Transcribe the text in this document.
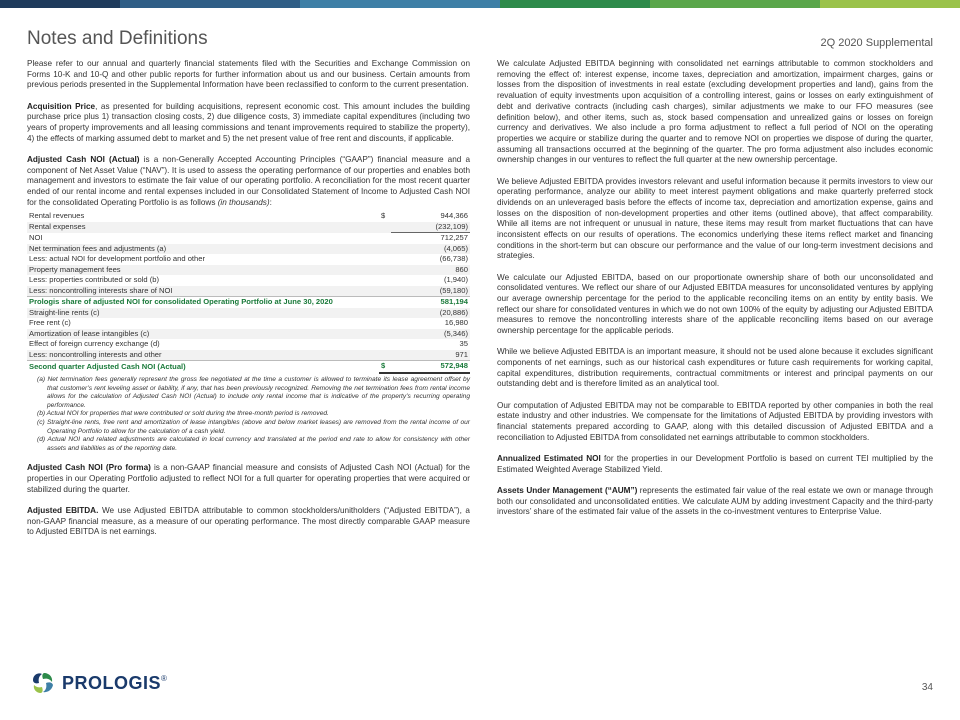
Notes and Definitions	2Q 2020 Supplemental

Please refer to our annual and quarterly financial statements filed with the Securities and Exchange Commission on Forms 10-K and 10-Q and other public reports for further information about us and our business. Certain amounts from previous periods presented in the Supplemental Information have been reclassified to conform to the current presentation.

Acquisition Price, as presented for building acquisitions, represent economic cost. This amount includes the building purchase price plus 1) transaction closing costs, 2) due diligence costs, 3) immediate capital expenditures (including two years of property improvements and all leasing commissions and tenant improvements required to stabilize the property), 4) the effects of marking assumed debt to market and 5) the net present value of free rent and discounts, if applicable.

Adjusted Cash NOI (Actual) is a non-Generally Accepted Accounting Principles (“GAAP”) financial measure and a component of Net Asset Value (“NAV”). It is used to assess the operating performance of our properties and enables both management and investors to estimate the fair value of our operating portfolio. A reconciliation for the most recent quarter ended of our rental income and rental expenses included in our Consolidated Statement of Income to Adjusted Cash NOI for the consolidated Operating Portfolio is as follows (in thousands):

Rental revenues	$	944,366
Rental expenses		(232,109)
NOI		712,257
Net termination fees and adjustments (a)		(4,065)
Less: actual NOI for development portfolio and other		(66,738)
Property management fees		860
Less: properties contributed or sold (b)		(1,940)
Less: noncontrolling interests share of NOI		(59,180)
Prologis share of adjusted NOI for consolidated Operating Portfolio at June 30, 2020		581,194
Straight-line rents (c)		(20,886)
Free rent (c)		16,980
Amortization of lease intangibles (c)		(5,346)
Effect of foreign currency exchange (d)		35
Less: noncontrolling interests and other		971
Second quarter Adjusted Cash NOI (Actual)	$	572,948
(a) Net termination fees generally represent the gross fee negotiated at the time a customer is allowed to terminate its lease agreement offset by that customer’s rent leveling asset or liability, if any, that has been previously recognized. Removing the net termination fees from rental income allows for the calculation of Adjusted Cash NOI (Actual) to include only rental income that is indicative of the property’s recurring operating performance.
(b) Actual NOI for properties that were contributed or sold during the three-month period is removed.
(c) Straight-line rents, free rent and amortization of lease intangibles (above and below market leases) are removed from the rental income of our Operating Portfolio to allow for the calculation of a cash yield.
(d) Actual NOI and related adjustments are calculated in local currency and translated at the period end rate to allow for consistency with other assets and liabilities as of the reporting date.

Adjusted Cash NOI (Pro forma) is a non-GAAP financial measure and consists of Adjusted Cash NOI (Actual) for the properties in our Operating Portfolio adjusted to reflect NOI for a full quarter for operating properties that were acquired or stabilized during the quarter.

Adjusted EBITDA. We use Adjusted EBITDA attributable to common stockholders/unitholders (“Adjusted EBITDA”), a non-GAAP financial measure, as a measure of our operating performance. The most directly comparable GAAP measure to Adjusted EBITDA is net earnings.

We calculate Adjusted EBITDA beginning with consolidated net earnings attributable to common stockholders and removing the effect of: interest expense, income taxes, depreciation and amortization, impairment charges, gains or losses from the disposition of investments in real estate (excluding development properties and land), gains from the revaluation of equity investments upon acquisition of a controlling interest, gains or losses on early extinguishment of debt and derivative contracts (including cash charges), similar adjustments we make to our FFO measures (see definition below), and other items, such as, stock based compensation and unrealized gains or losses on foreign currency and derivatives. We also include a pro forma adjustment to reflect a full period of NOI on the operating properties we acquire or stabilize during the quarter and to remove NOI on properties we dispose of during the quarter, assuming all transactions occurred at the beginning of the quarter. The pro forma adjustment also includes economic ownership changes in our ventures to reflect the full quarter at the new ownership percentage.

We believe Adjusted EBITDA provides investors relevant and useful information because it permits investors to view our operating performance, analyze our ability to meet interest payment obligations and make quarterly preferred stock dividends on an unleveraged basis before the effects of income tax, depreciation and amortization expense, gains and losses on the disposition of non-development properties and other items (outlined above), that affect comparability. While all items are not infrequent or unusual in nature, these items may result from market fluctuations that can have inconsistent effects on our results of operations. The economics underlying these items reflect market and financing conditions in the short-term but can obscure our performance and the value of our long-term investment decisions and strategies.

We calculate our Adjusted EBITDA, based on our proportionate ownership share of both our unconsolidated and consolidated ventures. We reflect our share of our Adjusted EBITDA measures for unconsolidated ventures by applying our average ownership percentage for the period to the applicable reconciling items on an entity by entity basis. We reflect our share for consolidated ventures in which we do not own 100% of the equity by adjusting our Adjusted EBITDA measures to remove the noncontrolling interests share of the applicable reconciling items based on our average ownership percentage for the applicable periods.

While we believe Adjusted EBITDA is an important measure, it should not be used alone because it excludes significant components of net earnings, such as our historical cash expenditures or future cash requirements for working capital, capital expenditures, distribution requirements, contractual commitments or interest and principal payments on our outstanding debt and is therefore limited as an analytical tool.

Our computation of Adjusted EBITDA may not be comparable to EBITDA reported by other companies in both the real estate industry and other industries. We compensate for the limitations of Adjusted EBITDA by providing investors with financial statements prepared according to GAAP, along with this detailed discussion of Adjusted EBITDA and a reconciliation to Adjusted EBITDA from consolidated net earnings attributable to common stockholders.

Annualized Estimated NOI for the properties in our Development Portfolio is based on current TEI multiplied by the Estimated Weighted Average Stabilized Yield.

Assets Under Management (“AUM”) represents the estimated fair value of the real estate we own or manage through both our consolidated and unconsolidated entities. We calculate AUM by adding investment Capacity and the third-party investors’ share of the estimated fair value of the assets in the co-investment ventures to Enterprise Value.

PROLOGIS ®
34
